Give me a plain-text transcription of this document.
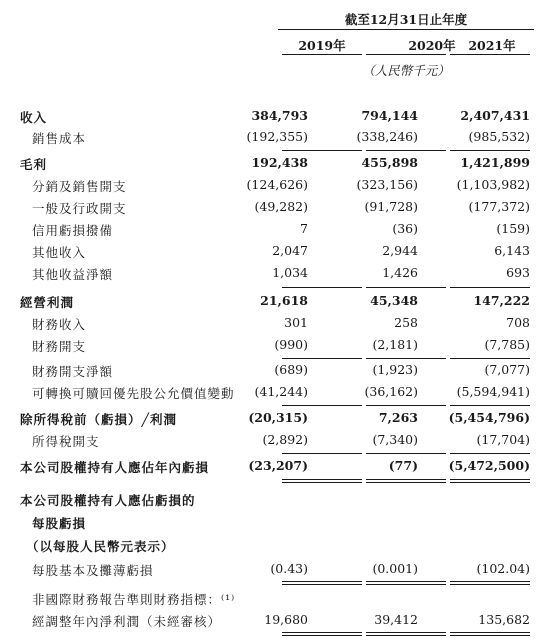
截至12月31日止年度
2019年	2020年	2021年
（人民幣千元）
收入	384,793	794,144	2,407,431
銷售成本	(192,355)	(338,246)	(985,532)
毛利	192,438	455,898	1,421,899
分銷及銷售開支	(124,626)	(323,156)	(1,103,982)
一般及行政開支	(49,282)	(91,728)	(177,372)
信用虧損撥備	7	(36)	(159)
其他收入	2,047	2,944	6,143
其他收益淨額	1,034	1,426	693
經營利潤	21,618	45,348	147,222
財務收入	301	258	708
財務開支	(990)	(2,181)	(7,785)
財務開支淨額	(689)	(1,923)	(7,077)
可轉換可贖回優先股公允價值變動	(41,244)	(36,162)	(5,594,941)
除所得稅前（虧損）╱利潤	(20,315)	7,263	(5,454,796)
所得稅開支	(2,892)	(7,340)	(17,704)
本公司股權持有人應佔年內虧損	(23,207)	(77)	(5,472,500)
本公司股權持有人應佔虧損的
每股虧損
（以每股人民幣元表示）
每股基本及攤薄虧損	(0.43)	(0.001)	(102.04)
非國際財務報告準則財務指標：⁽¹⁾
經調整年內淨利潤（未經審核）	19,680	39,412	135,682
